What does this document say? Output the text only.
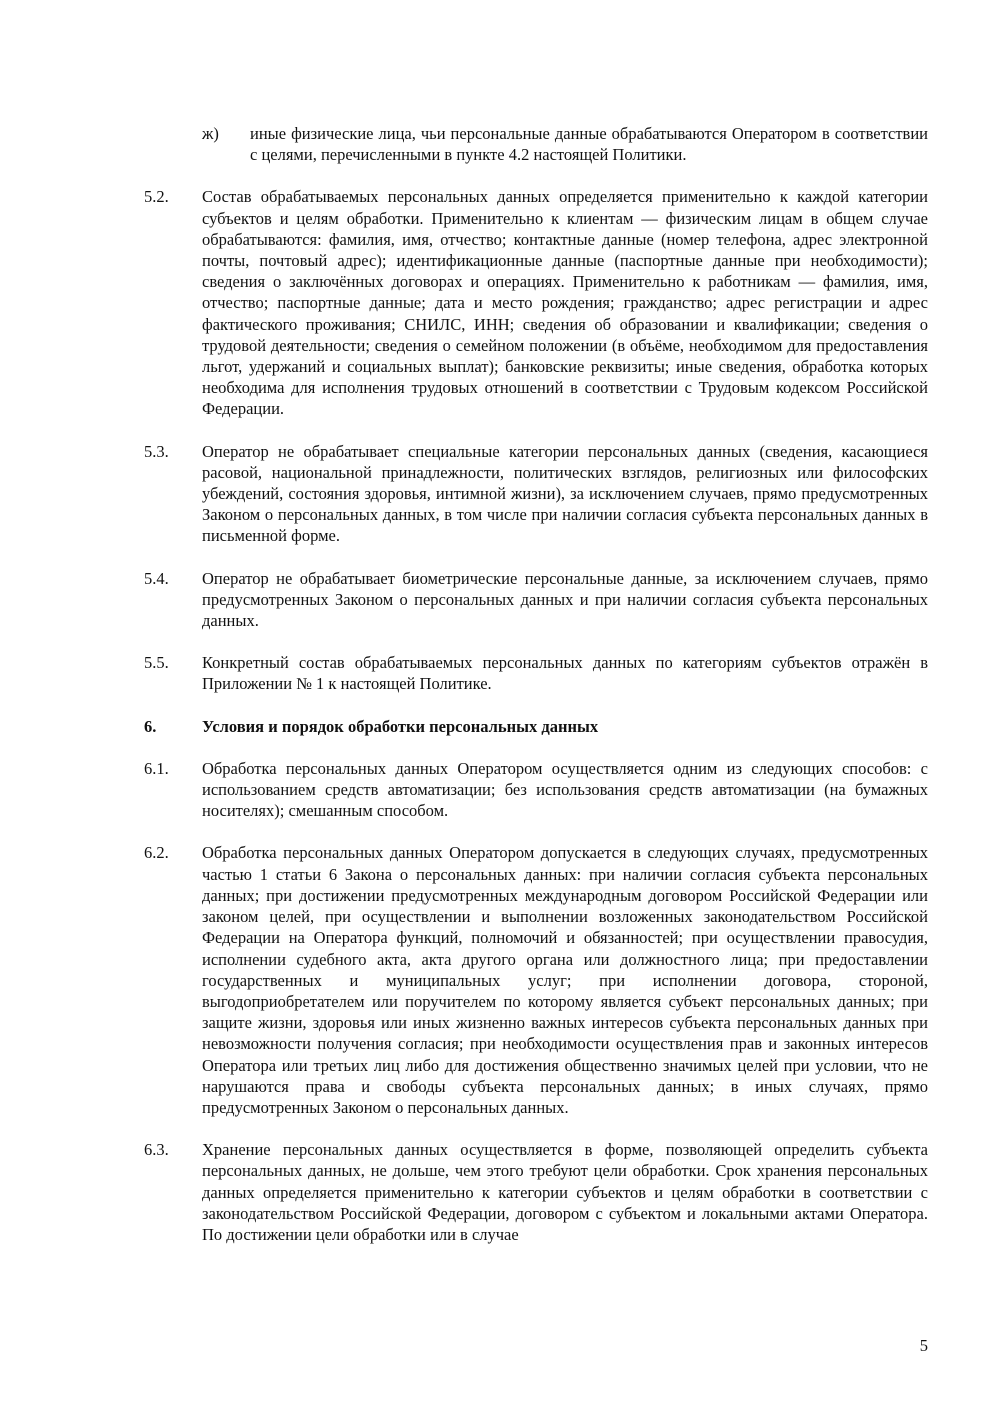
ж) иные физические лица, чьи персональные данные обрабатываются Оператором в соответствии с целями, перечисленными в пункте 4.2 настоящей Политики.
5.2. Состав обрабатываемых персональных данных определяется применительно к каждой категории субъектов и целям обработки. Применительно к клиентам — физическим лицам в общем случае обрабатываются: фамилия, имя, отчество; контактные данные (номер телефона, адрес электронной почты, почтовый адрес); идентификационные данные (паспортные данные при необходимости); сведения о заключённых договорах и операциях. Применительно к работникам — фамилия, имя, отчество; паспортные данные; дата и место рождения; гражданство; адрес регистрации и адрес фактического проживания; СНИЛС, ИНН; сведения об образовании и квалификации; сведения о трудовой деятельности; сведения о семейном положении (в объёме, необходимом для предоставления льгот, удержаний и социальных выплат); банковские реквизиты; иные сведения, обработка которых необходима для исполнения трудовых отношений в соответствии с Трудовым кодексом Российской Федерации.
5.3. Оператор не обрабатывает специальные категории персональных данных (сведения, касающиеся расовой, национальной принадлежности, политических взглядов, религиозных или философских убеждений, состояния здоровья, интимной жизни), за исключением случаев, прямо предусмотренных Законом о персональных данных, в том числе при наличии согласия субъекта персональных данных в письменной форме.
5.4. Оператор не обрабатывает биометрические персональные данные, за исключением случаев, прямо предусмотренных Законом о персональных данных и при наличии согласия субъекта персональных данных.
5.5. Конкретный состав обрабатываемых персональных данных по категориям субъектов отражён в Приложении № 1 к настоящей Политике.
6.	Условия и порядок обработки персональных данных
6.1. Обработка персональных данных Оператором осуществляется одним из следующих способов: с использованием средств автоматизации; без использования средств автоматизации (на бумажных носителях); смешанным способом.
6.2. Обработка персональных данных Оператором допускается в следующих случаях, предусмотренных частью 1 статьи 6 Закона о персональных данных: при наличии согласия субъекта персональных данных; при достижении предусмотренных международным договором Российской Федерации или законом целей, при осуществлении и выполнении возложенных законодательством Российской Федерации на Оператора функций, полномочий и обязанностей; при осуществлении правосудия, исполнении судебного акта, акта другого органа или должностного лица; при предоставлении государственных и муниципальных услуг; при исполнении договора, стороной, выгодоприобретателем или поручителем по которому является субъект персональных данных; при защите жизни, здоровья или иных жизненно важных интересов субъекта персональных данных при невозможности получения согласия; при необходимости осуществления прав и законных интересов Оператора или третьих лиц либо для достижения общественно значимых целей при условии, что не нарушаются права и свободы субъекта персональных данных; в иных случаях, прямо предусмотренных Законом о персональных данных.
6.3. Хранение персональных данных осуществляется в форме, позволяющей определить субъекта персональных данных, не дольше, чем этого требуют цели обработки. Срок хранения персональных данных определяется применительно к категории субъектов и целям обработки в соответствии с законодательством Российской Федерации, договором с субъектом и локальными актами Оператора. По достижении цели обработки или в случае
5
